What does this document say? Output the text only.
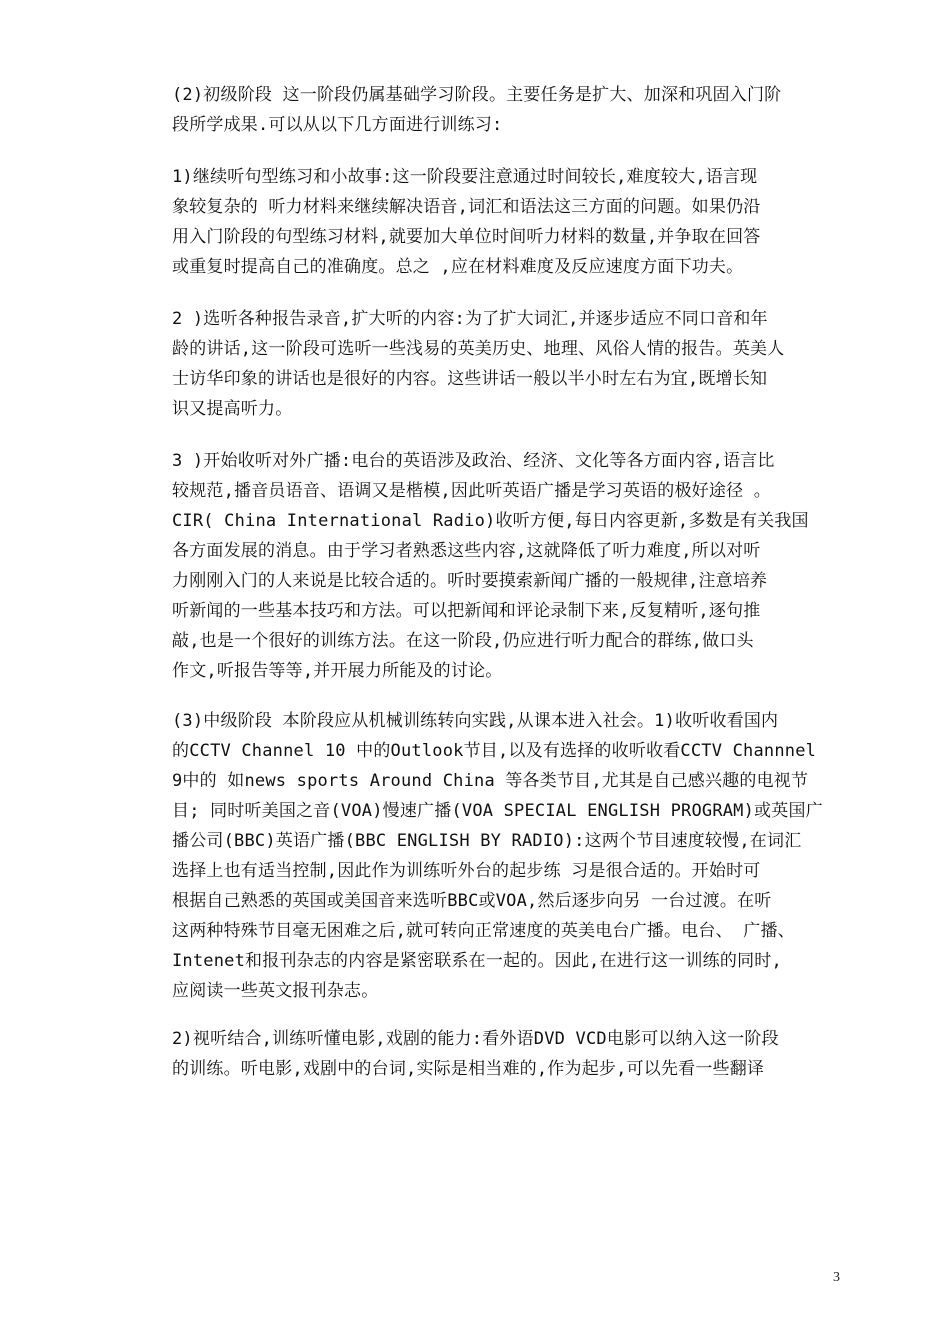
(2)初级阶段 这一阶段仍属基础学习阶段。主要任务是扩大、加深和巩固入门阶
段所学成果.可以从以下几方面进行训练习:

1)继续听句型练习和小故事:这一阶段要注意通过时间较长,难度较大,语言现
象较复杂的 听力材料来继续解决语音,词汇和语法这三方面的问题。如果仍沿
用入门阶段的句型练习材料,就要加大单位时间听力材料的数量,并争取在回答
或重复时提高自己的准确度。总之 ,应在材料难度及反应速度方面下功夫。

2 )选听各种报告录音,扩大听的内容:为了扩大词汇,并逐步适应不同口音和年
龄的讲话,这一阶段可选听一些浅易的英美历史、地理、风俗人情的报告。英美人
士访华印象的讲话也是很好的内容。这些讲话一般以半小时左右为宜,既增长知
识又提高听力。

3 )开始收听对外广播:电台的英语涉及政治、经济、文化等各方面内容,语言比
较规范,播音员语音、语调又是楷模,因此听英语广播是学习英语的极好途径 。
CIR( China International Radio)收听方便,每日内容更新,多数是有关我国
各方面发展的消息。由于学习者熟悉这些内容,这就降低了听力难度,所以对听
力刚刚入门的人来说是比较合适的。听时要摸索新闻广播的一般规律,注意培养
听新闻的一些基本技巧和方法。可以把新闻和评论录制下来,反复精听,逐句推
敲,也是一个很好的训练方法。在这一阶段,仍应进行听力配合的群练,做口头
作文,听报告等等,并开展力所能及的讨论。

(3)中级阶段 本阶段应从机械训练转向实践,从课本进入社会。1)收听收看国内
的CCTV Channel 10 中的Outlook节目,以及有选择的收听收看CCTV Channnel
9中的 如news sports Around China 等各类节目,尤其是自己感兴趣的电视节
目; 同时听美国之音(VOA)慢速广播(VOA SPECIAL ENGLISH PROGRAM)或英国广
播公司(BBC)英语广播(BBC ENGLISH BY RADIO):这两个节目速度较慢,在词汇
选择上也有适当控制,因此作为训练听外台的起步练 习是很合适的。开始时可
根据自己熟悉的英国或美国音来选听BBC或VOA,然后逐步向另 一台过渡。在听
这两种特殊节目毫无困难之后,就可转向正常速度的英美电台广播。电台、 广播、
Intenet和报刊杂志的内容是紧密联系在一起的。因此,在进行这一训练的同时,
应阅读一些英文报刊杂志。

2)视听结合,训练听懂电影,戏剧的能力:看外语DVD VCD电影可以纳入这一阶段
的训练。听电影,戏剧中的台词,实际是相当难的,作为起步,可以先看一些翻译

3
